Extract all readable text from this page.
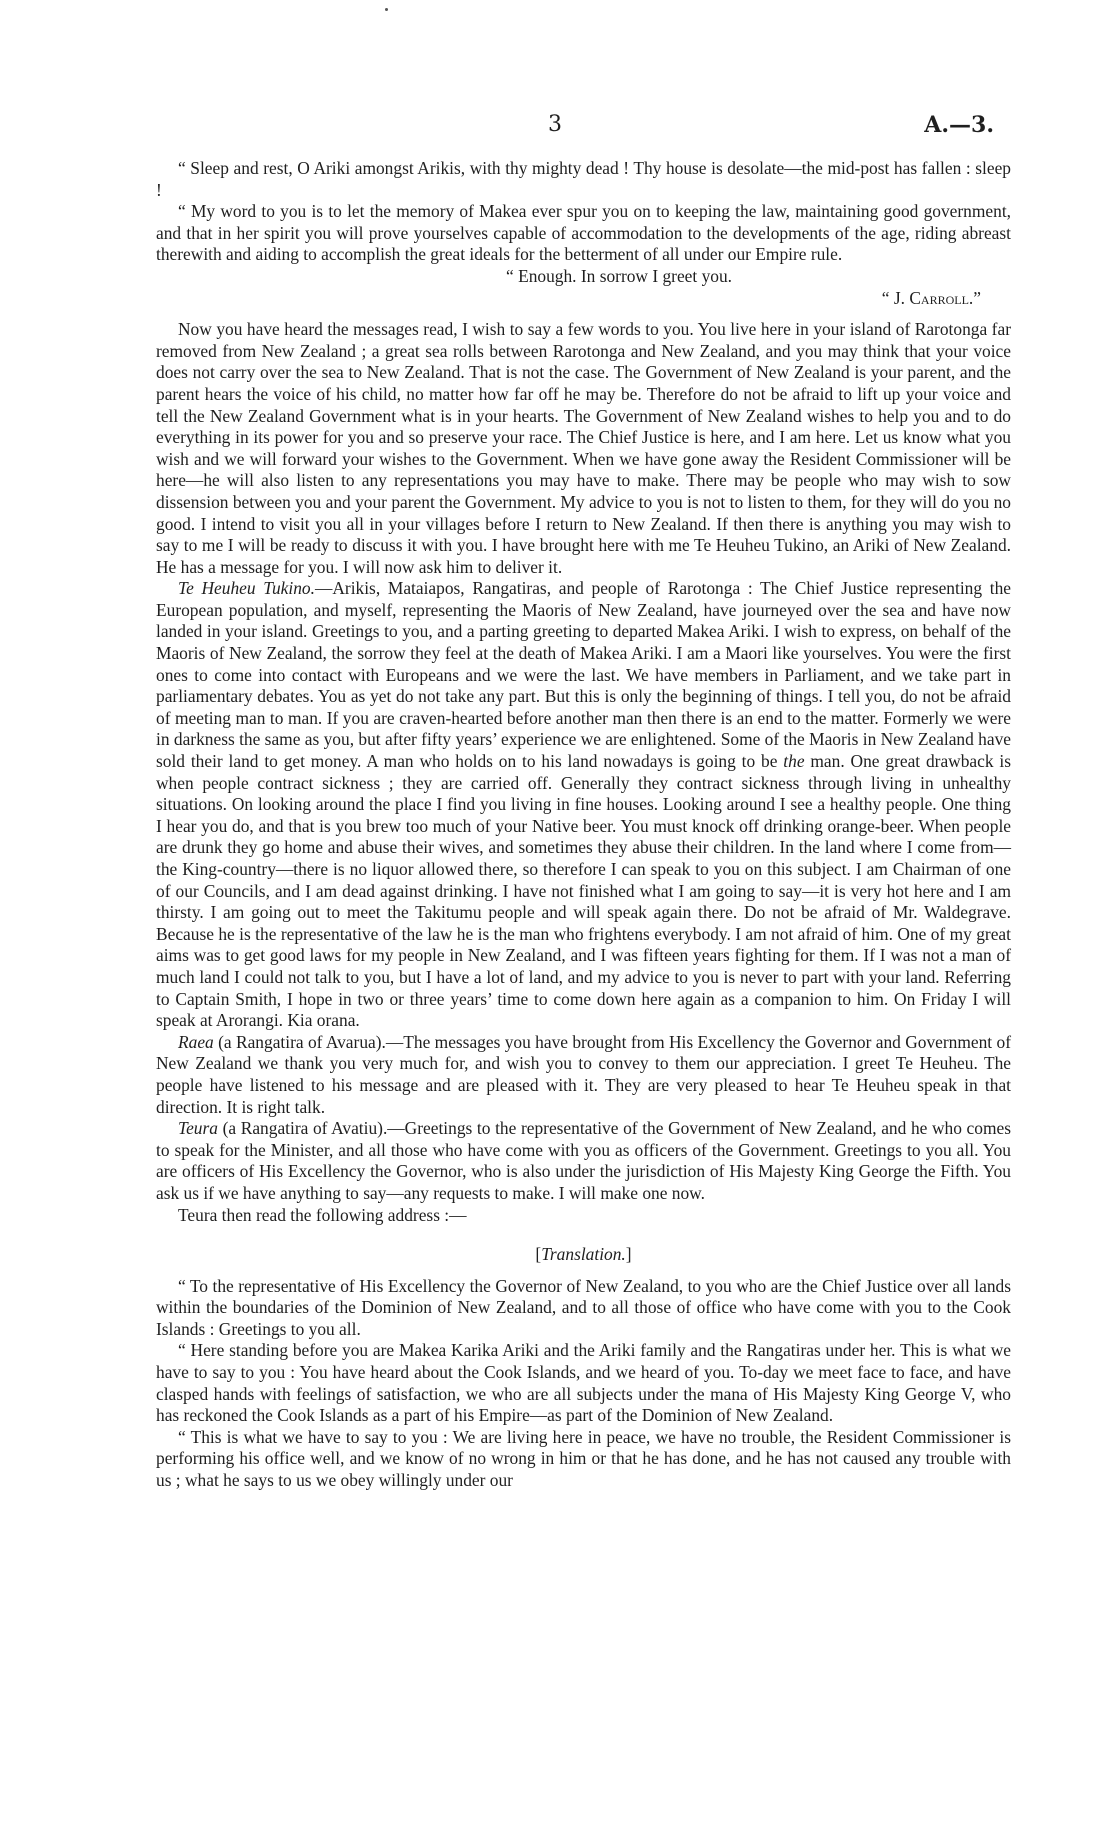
3	A.—3.

“ Sleep and rest, O Ariki amongst Arikis, with thy mighty dead ! Thy house is desolate—the mid-post has fallen : sleep !

“ My word to you is to let the memory of Makea ever spur you on to keeping the law, maintaining good government, and that in her spirit you will prove yourselves capable of accommodation to the developments of the age, riding abreast therewith and aiding to accomplish the great ideals for the betterment of all under our Empire rule.

“ Enough. In sorrow I greet you.

“ J. Carroll.”

Now you have heard the messages read, I wish to say a few words to you. You live here in your island of Rarotonga far removed from New Zealand ; a great sea rolls between Rarotonga and New Zealand, and you may think that your voice does not carry over the sea to New Zealand. That is not the case. The Government of New Zealand is your parent, and the parent hears the voice of his child, no matter how far off he may be. Therefore do not be afraid to lift up your voice and tell the New Zealand Government what is in your hearts. The Government of New Zealand wishes to help you and to do everything in its power for you and so preserve your race. The Chief Justice is here, and I am here. Let us know what you wish and we will forward your wishes to the Government. When we have gone away the Resident Commissioner will be here—he will also listen to any representations you may have to make. There may be people who may wish to sow dissension between you and your parent the Government. My advice to you is not to listen to them, for they will do you no good. I intend to visit you all in your villages before I return to New Zealand. If then there is anything you may wish to say to me I will be ready to discuss it with you. I have brought here with me Te Heuheu Tukino, an Ariki of New Zealand. He has a message for you. I will now ask him to deliver it.

Te Heuheu Tukino.—Arikis, Mataiapos, Rangatiras, and people of Rarotonga : The Chief Justice representing the European population, and myself, representing the Maoris of New Zealand, have journeyed over the sea and have now landed in your island. Greetings to you, and a parting greeting to departed Makea Ariki. I wish to express, on behalf of the Maoris of New Zealand, the sorrow they feel at the death of Makea Ariki. I am a Maori like yourselves. You were the first ones to come into contact with Europeans and we were the last. We have members in Parliament, and we take part in parliamentary debates. You as yet do not take any part. But this is only the beginning of things. I tell you, do not be afraid of meeting man to man. If you are craven-hearted before another man then there is an end to the matter. Formerly we were in darkness the same as you, but after fifty years’ experience we are enlightened. Some of the Maoris in New Zealand have sold their land to get money. A man who holds on to his land nowadays is going to be the man. One great drawback is when people contract sickness ; they are carried off. Generally they contract sickness through living in unhealthy situations. On looking around the place I find you living in fine houses. Looking around I see a healthy people. One thing I hear you do, and that is you brew too much of your Native beer. You must knock off drinking orange-beer. When people are drunk they go home and abuse their wives, and sometimes they abuse their children. In the land where I come from—the King-country—there is no liquor allowed there, so therefore I can speak to you on this subject. I am Chairman of one of our Councils, and I am dead against drinking. I have not finished what I am going to say—it is very hot here and I am thirsty. I am going out to meet the Takitumu people and will speak again there. Do not be afraid of Mr. Waldegrave. Because he is the representative of the law he is the man who frightens everybody. I am not afraid of him. One of my great aims was to get good laws for my people in New Zealand, and I was fifteen years fighting for them. If I was not a man of much land I could not talk to you, but I have a lot of land, and my advice to you is never to part with your land. Referring to Captain Smith, I hope in two or three years’ time to come down here again as a companion to him. On Friday I will speak at Arorangi. Kia orana.

Raea (a Rangatira of Avarua).—The messages you have brought from His Excellency the Governor and Government of New Zealand we thank you very much for, and wish you to convey to them our appreciation. I greet Te Heuheu. The people have listened to his message and are pleased with it. They are very pleased to hear Te Heuheu speak in that direction. It is right talk.

Teura (a Rangatira of Avatiu).—Greetings to the representative of the Government of New Zealand, and he who comes to speak for the Minister, and all those who have come with you as officers of the Government. Greetings to you all. You are officers of His Excellency the Governor, who is also under the jurisdiction of His Majesty King George the Fifth. You ask us if we have anything to say—any requests to make. I will make one now.

Teura then read the following address :—

[Translation.]

“ To the representative of His Excellency the Governor of New Zealand, to you who are the Chief Justice over all lands within the boundaries of the Dominion of New Zealand, and to all those of office who have come with you to the Cook Islands : Greetings to you all.

“ Here standing before you are Makea Karika Ariki and the Ariki family and the Rangatiras under her. This is what we have to say to you : You have heard about the Cook Islands, and we heard of you. To-day we meet face to face, and have clasped hands with feelings of satisfaction, we who are all subjects under the mana of His Majesty King George V, who has reckoned the Cook Islands as a part of his Empire—as part of the Dominion of New Zealand.

“ This is what we have to say to you : We are living here in peace, we have no trouble, the Resident Commissioner is performing his office well, and we know of no wrong in him or that he has done, and he has not caused any trouble with us ; what he says to us we obey willingly under our
